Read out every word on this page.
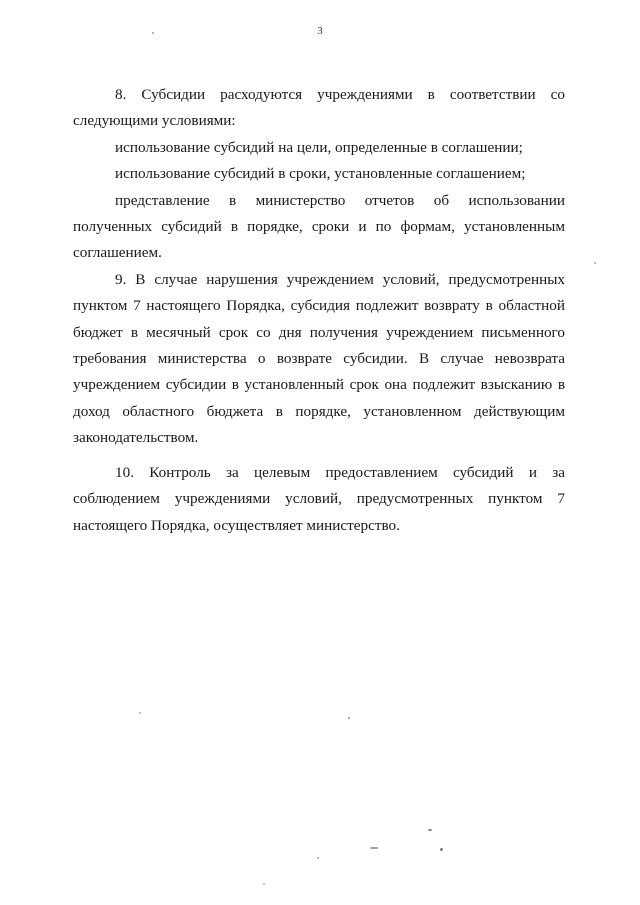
3
8. Субсидии расходуются учреждениями в соответствии со
следующими условиями:
использование субсидий на цели, определенные в соглашении;
использование субсидий в сроки, установленные соглашением;
представление в министерство отчетов об использовании
полученных субсидий в порядке, сроки и по формам, установленным
соглашением.
9. В случае нарушения учреждением условий, предусмотренных
пунктом 7 настоящего Порядка, субсидия подлежит возврату в областной
бюджет в месячный срок со дня получения учреждением письменного
требования министерства о возврате субсидии. В случае невозврата
учреждением субсидии в установленный срок она подлежит взысканию в
доход областного бюджета в порядке, установленном действующим
законодательством.
10. Контроль за целевым предоставлением субсидий и за
соблюдением учреждениями условий, предусмотренных пунктом 7
настоящего Порядка, осуществляет министерство.
